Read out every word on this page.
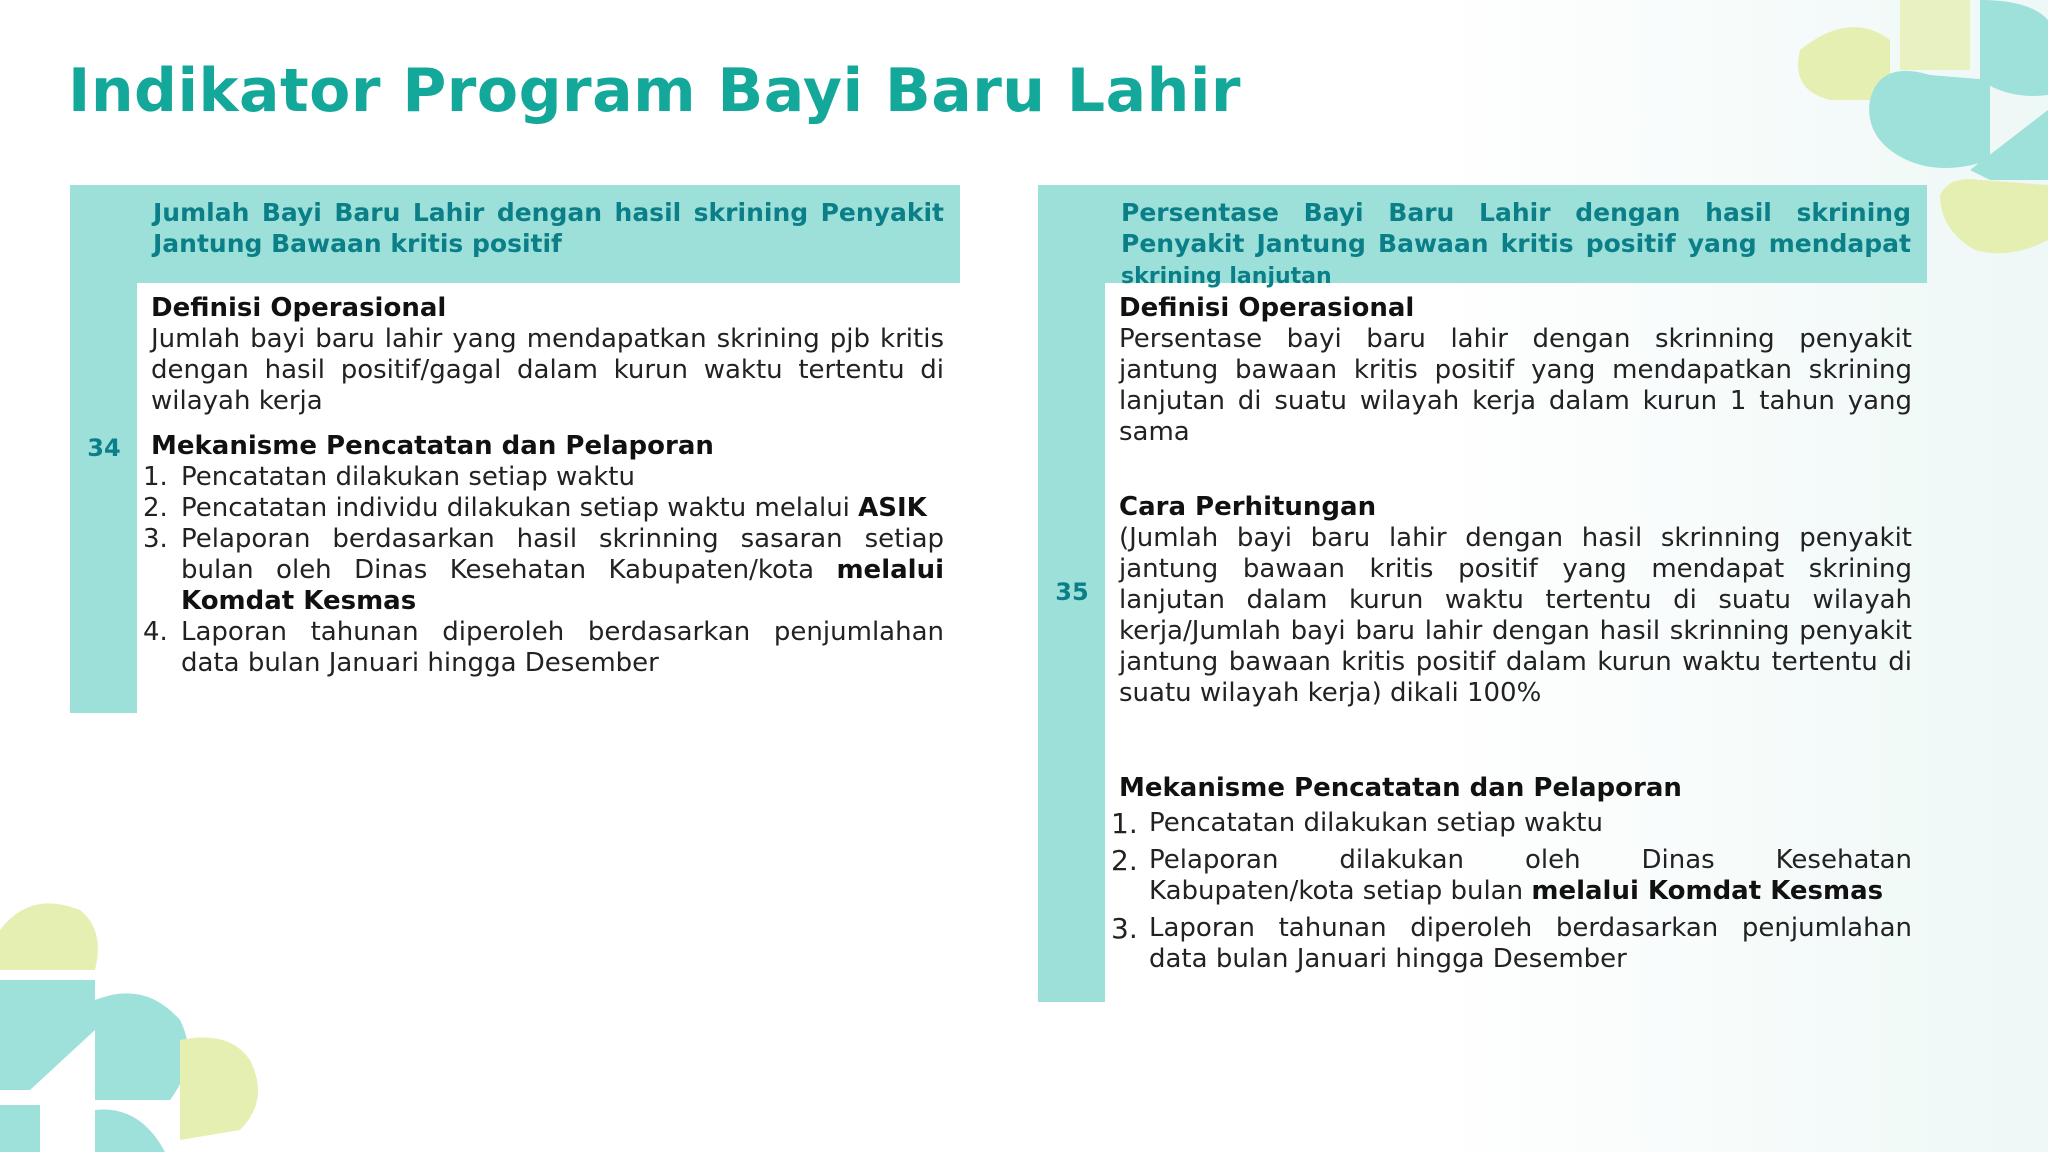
Indikator Program Bayi Baru Lahir
34
Jumlah Bayi Baru Lahir dengan hasil skrining Penyakit Jantung Bawaan kritis positif
Definisi Operasional

Jumlah bayi baru lahir yang mendapatkan skrining pjb kritis dengan hasil positif/gagal dalam kurun waktu tertentu di wilayah kerja

Mekanisme Pencatatan dan Pelaporan
1. Pencatatan dilakukan setiap waktu
2. Pencatatan individu dilakukan setiap waktu melalui ASIK
3. Pelaporan berdasarkan hasil skrinning sasaran setiap bulan oleh Dinas Kesehatan Kabupaten/kota melalui Komdat Kesmas
4. Laporan tahunan diperoleh berdasarkan penjumlahan data bulan Januari hingga Desember
35
Persentase Bayi Baru Lahir dengan hasil skrining Penyakit Jantung Bawaan kritis positif yang mendapat skrining lanjutan
Definisi Operasional

Persentase bayi baru lahir dengan skrinning penyakit jantung bawaan kritis positif yang mendapatkan skrining lanjutan di suatu wilayah kerja dalam kurun 1 tahun yang sama

Cara Perhitungan

(Jumlah bayi baru lahir dengan hasil skrinning penyakit jantung bawaan kritis positif yang mendapat skrining lanjutan dalam kurun waktu tertentu di suatu wilayah kerja/Jumlah bayi baru lahir dengan hasil skrinning penyakit jantung bawaan kritis positif dalam kurun waktu tertentu di suatu wilayah kerja) dikali 100%

Mekanisme Pencatatan dan Pelaporan
1. Pencatatan dilakukan setiap waktu
2. Pelaporan dilakukan oleh Dinas Kesehatan Kabupaten/kota setiap bulan melalui Komdat Kesmas
3. Laporan tahunan diperoleh berdasarkan penjumlahan data bulan Januari hingga Desember
